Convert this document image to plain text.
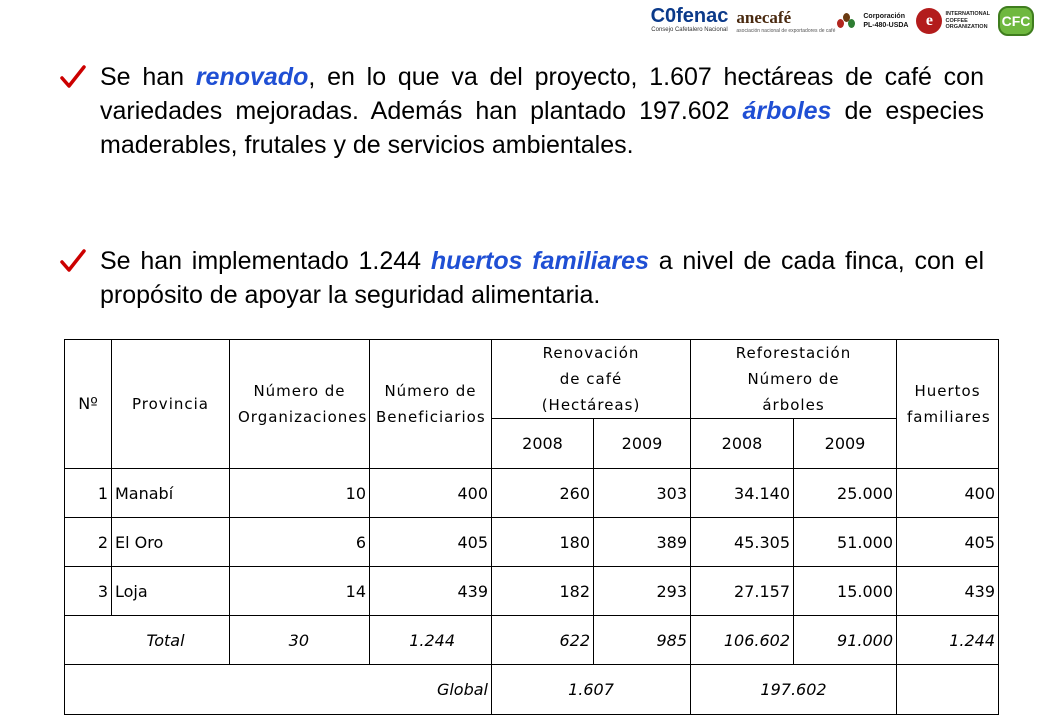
C0fenac
Consejo Cafetalero Nacional
anecafé
asociación nacional de exportadores de café
Corporación
PL-480-USDA	e	INTERNATIONAL
COFFEE
ORGANIZATION CFC

Se han renovado, en lo que va del proyecto, 1.607 hectáreas de café con variedades mejoradas. Además han plantado 197.602 árboles de especies maderables, frutales y de servicios ambientales.

Se han implementado 1.244 huertos familiares a nivel de cada finca, con el propósito de apoyar la seguridad alimentaria.

Nº	Provincia	Número de Organizaciones	Número de Beneficiarios	Renovación de café (Hectáreas)		Reforestación Número de árboles		Huertos familiares
				2008	2009	2008	2009	
1	Manabí	10	400	260	303	34.140	25.000	400
2	El Oro	6	405	180	389	45.305	51.000	405
3	Loja	14	439	182	293	27.157	15.000	439
Total		30	1.244	622	985	106.602	91.000	1.244
Global				1.607		197.602		
